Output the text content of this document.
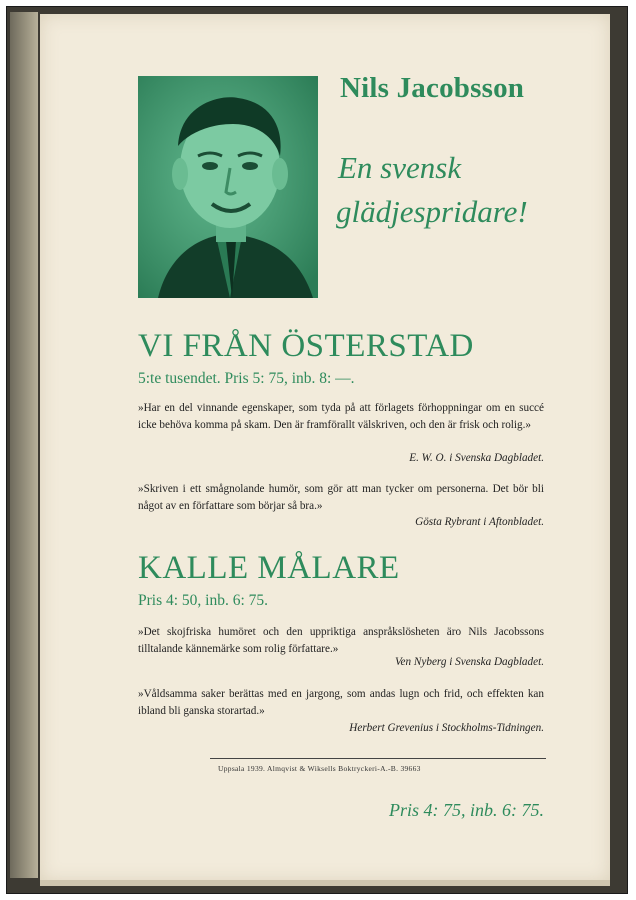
Nils Jacobsson

En svensk
glädjespridare!

VI FRÅN ÖSTERSTAD

5:te tusendet. Pris 5: 75, inb. 8: —.

»Har en del vinnande egenskaper, som tyda på att förlagets förhoppningar om en succé icke behöva komma på skam. Den är framförallt välskriven, och den är frisk och rolig.»

E. W. O. i Svenska Dagbladet.

»Skriven i ett smågnolande humör, som gör att man tycker om personerna. Det bör bli något av en författare som börjar så bra.»

Gösta Rybrant i Aftonbladet.

KALLE MÅLARE

Pris 4: 50, inb. 6: 75.

»Det skojfriska humöret och den uppriktiga anspråkslösheten äro Nils Jacobssons tilltalande kännemärke som rolig författare.»

Ven Nyberg i Svenska Dagbladet.

»Våldsamma saker berättas med en jargong, som andas lugn och frid, och effekten kan ibland bli ganska storartad.»

Herbert Grevenius i Stockholms-Tidningen.

Uppsala 1939. Almqvist & Wiksells Boktryckeri-A.-B. 39663

Pris 4: 75, inb. 6: 75.
